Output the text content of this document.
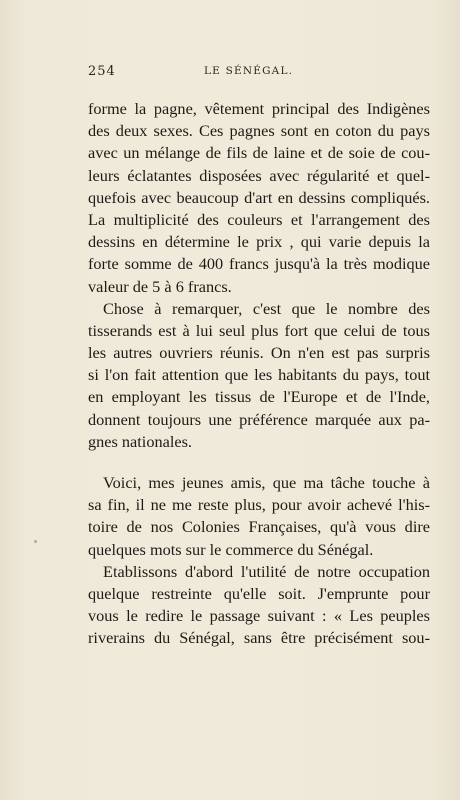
254	LE SÉNÉGAL.
forme la pagne, vêtement principal des Indigènes
des deux sexes. Ces pagnes sont en coton du pays
avec un mélange de fils de laine et de soie de cou-
leurs éclatantes disposées avec régularité et quel-
quefois avec beaucoup d'art en dessins compliqués.
La multiplicité des couleurs et l'arrangement des
dessins en détermine le prix , qui varie depuis la
forte somme de 400 francs jusqu'à la très modique
valeur de 5 à 6 francs.
Chose à remarquer, c'est que le nombre des
tisserands est à lui seul plus fort que celui de tous
les autres ouvriers réunis. On n'en est pas surpris
si l'on fait attention que les habitants du pays, tout
en employant les tissus de l'Europe et de l'Inde,
donnent toujours une préférence marquée aux pa-
gnes nationales.
Voici, mes jeunes amis, que ma tâche touche à
sa fin, il ne me reste plus, pour avoir achevé l'his-
toire de nos Colonies Françaises, qu'à vous dire
quelques mots sur le commerce du Sénégal.
Etablissons d'abord l'utilité de notre occupation
quelque restreinte qu'elle soit. J'emprunte pour
vous le redire le passage suivant : « Les peuples
riverains du Sénégal, sans être précisément sou-
